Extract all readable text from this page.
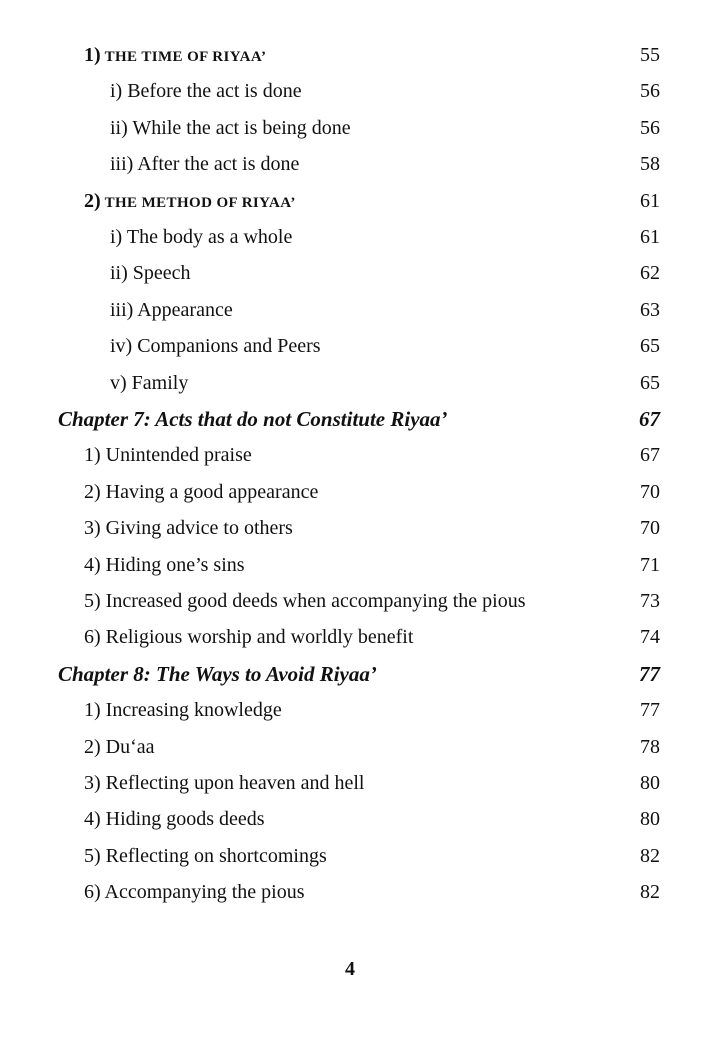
1) THE TIME OF RIYAA’	55
i) Before the act is done	56
ii) While the act is being done	56
iii) After the act is done	58
2) THE METHOD OF RIYAA’	61
i) The body as a whole	61
ii) Speech	62
iii) Appearance	63
iv) Companions and Peers	65
v) Family	65
Chapter 7: Acts that do not Constitute Riyaa’	67
1) Unintended praise	67
2) Having a good appearance	70
3) Giving advice to others	70
4) Hiding one’s sins	71
5) Increased good deeds when accompanying the pious	73
6) Religious worship and worldly benefit	74
Chapter 8: The Ways to Avoid Riyaa’	77
1) Increasing knowledge	77
2) Du‘aa	78
3) Reflecting upon heaven and hell	80
4) Hiding goods deeds	80
5) Reflecting on shortcomings	82
6) Accompanying the pious	82
4
